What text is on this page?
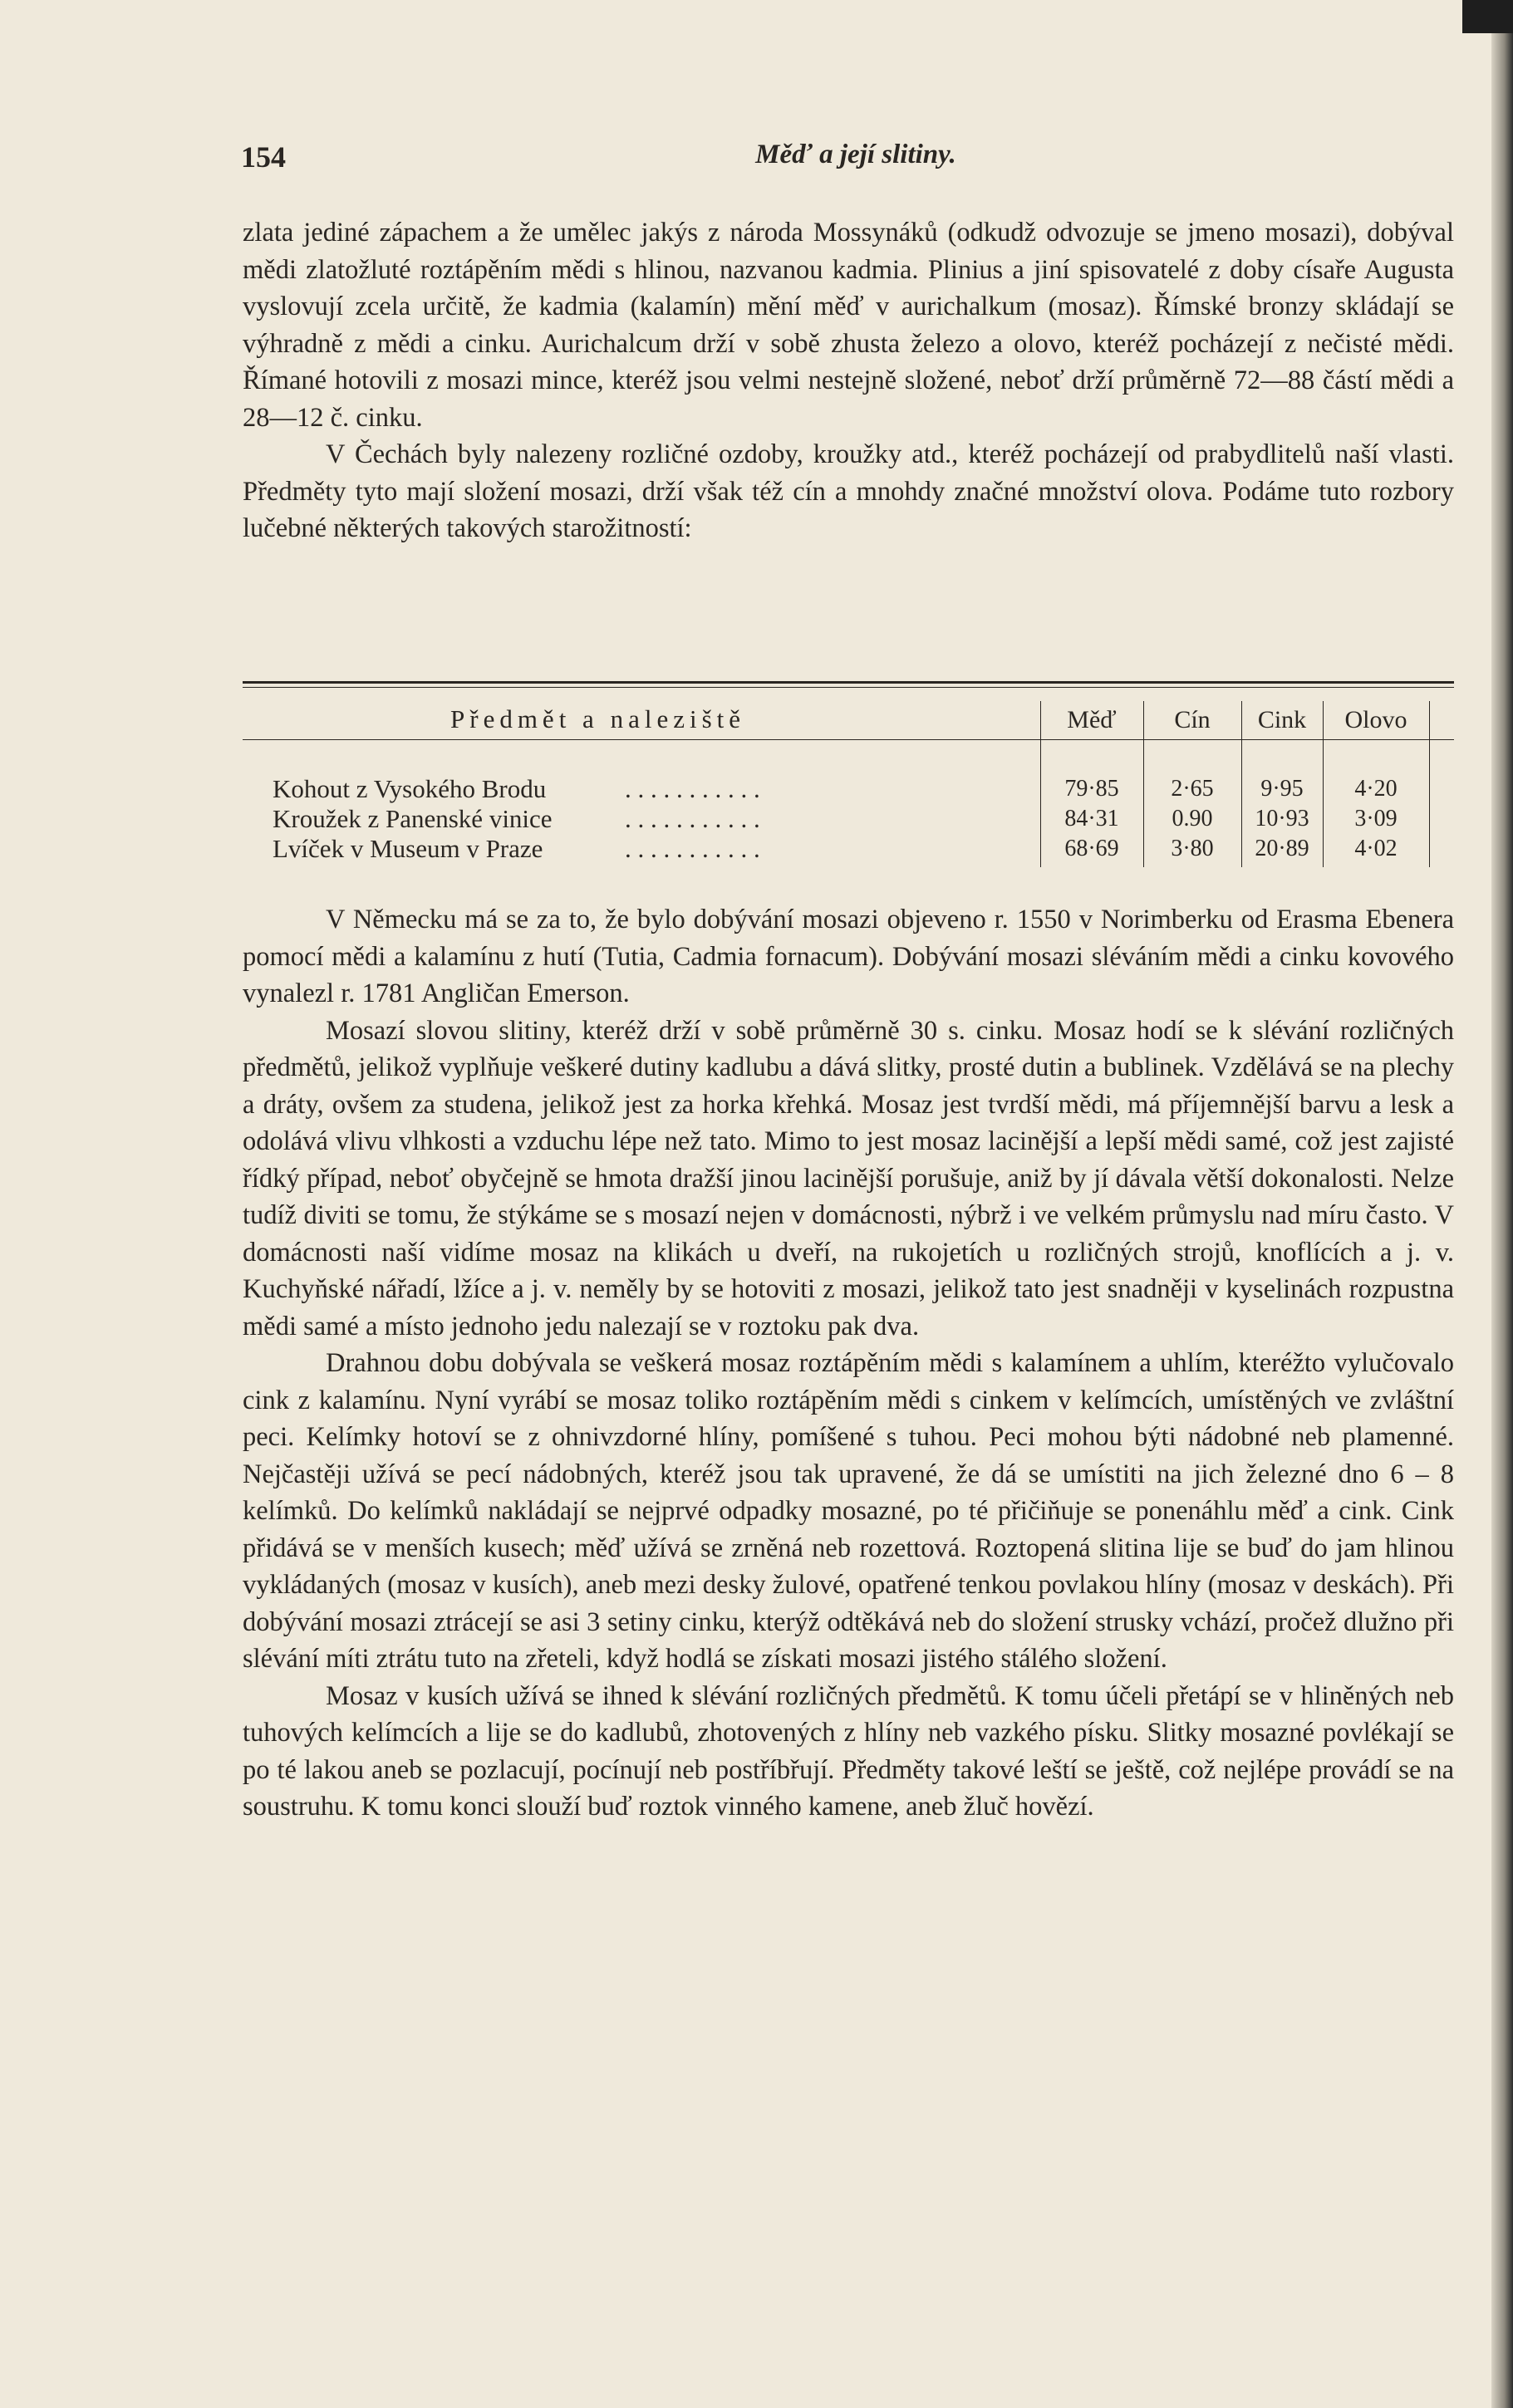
154	Měď a její slitiny.

zlata jediné zápachem a že umělec jakýs z národa Mossynáků (odkudž odvozuje se jmeno mosazi), dobýval mědi zlatožluté roztápěním mědi s hlinou, nazvanou kadmia. Plinius a jiní spisovatelé z doby císaře Augusta vyslovují zcela určitě, že kadmia (kalamín) mění měď v aurichalkum (mosaz). Římské bronzy skládají se výhradně z mědi a cinku. Aurichalcum drží v sobě zhusta železo a olovo, kteréž pocházejí z nečisté mědi. Římané hotovili z mosazi mince, kteréž jsou velmi nestejně složené, neboť drží průměrně 72—88 částí mědi a 28—12 č. cinku.

V Čechách byly nalezeny rozličné ozdoby, kroužky atd., kteréž pocházejí od prabydlitelů naší vlasti. Předměty tyto mají složení mosazi, drží však též cín a mnohdy značné množství olova. Podáme tuto rozbory lučebné některých takových starožitností:

Předmět a naleziště	Měď	Cín	Cink	Olovo
Kohout z Vysokého Brodu	. . . . . . . . . . .	79·85	2·65	9·95	4·20
Kroužek z Panenské vinice	. . . . . . . . . . .	84·31	0.90	10·93	3·09
Lvíček v Museum v Praze	. . . . . . . . . . .	68·69	3·80	20·89	4·02

V Německu má se za to, že bylo dobývání mosazi objeveno r. 1550 v Norimberku od Erasma Ebenera pomocí mědi a kalamínu z hutí (Tutia, Cadmia fornacum). Dobývání mosazi sléváním mědi a cinku kovového vynalezl r. 1781 Angličan Emerson.

Mosazí slovou slitiny, kteréž drží v sobě průměrně 30 s. cinku. Mosaz hodí se k slévání rozličných předmětů, jelikož vyplňuje veškeré dutiny kadlubu a dává slitky, prosté dutin a bublinek. Vzdělává se na plechy a dráty, ovšem za studena, jelikož jest za horka křehká. Mosaz jest tvrdší mědi, má příjemnější barvu a lesk a odolává vlivu vlhkosti a vzduchu lépe než tato. Mimo to jest mosaz lacinější a lepší mědi samé, což jest zajisté řídký případ, neboť obyčejně se hmota dražší jinou lacinější porušuje, aniž by jí dávala větší dokonalosti. Nelze tudíž diviti se tomu, že stýkáme se s mosazí nejen v domácnosti, nýbrž i ve velkém průmyslu nad míru často. V domácnosti naší vidíme mosaz na klikách u dveří, na rukojetích u rozličných strojů, knoflících a j. v. Kuchyňské nářadí, lžíce a j. v. neměly by se hotoviti z mosazi, jelikož tato jest snadněji v kyselinách rozpustna mědi samé a místo jednoho jedu nalezají se v roztoku pak dva.

Drahnou dobu dobývala se veškerá mosaz roztápěním mědi s kalamínem a uhlím, kteréžto vylučovalo cink z kalamínu. Nyní vyrábí se mosaz toliko roztápěním mědi s cinkem v kelímcích, umístěných ve zvláštní peci. Kelímky hotoví se z ohnivzdorné hlíny, pomíšené s tuhou. Peci mohou býti nádobné neb plamenné. Nejčastěji užívá se pecí nádobných, kteréž jsou tak upravené, že dá se umístiti na jich železné dno 6 – 8 kelímků. Do kelímků nakládají se nejprvé odpadky mosazné, po té přičiňuje se ponenáhlu měď a cink. Cink přidává se v menších kusech; měď užívá se zrněná neb rozettová. Roztopená slitina lije se buď do jam hlinou vykládaných (mosaz v kusích), aneb mezi desky žulové, opatřené tenkou povlakou hlíny (mosaz v deskách). Při dobývání mosazi ztrácejí se asi 3 setiny cinku, kterýž odtěkává neb do složení strusky vchází, pročež dlužno při slévání míti ztrátu tuto na zřeteli, když hodlá se získati mosazi jistého stálého složení.

Mosaz v kusích užívá se ihned k slévání rozličných předmětů. K tomu účeli přetápí se v hliněných neb tuhových kelímcích a lije se do kadlubů, zhotovených z hlíny neb vazkého písku. Slitky mosazné povlékají se po té lakou aneb se pozlacují, pocínují neb postříbřují. Předměty takové leští se ještě, což nejlépe provádí se na soustruhu. K tomu konci slouží buď roztok vinného kamene, aneb žluč hovězí.
